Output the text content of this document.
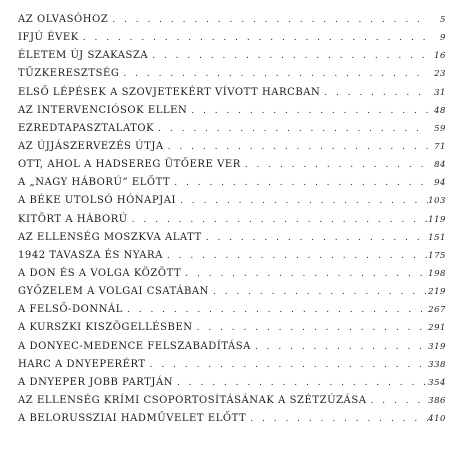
AZ OLVASÓHOZ . . .	5
IFJÚ ÉVEK . . .	9
ÉLETEM ÚJ SZAKASZA . . .	16
TŰZKERESZTSÉG . . .	23
ELSŐ LÉPÉSEK A SZOVJETEKÉRT VÍVOTT HARCBAN . . .	31
AZ INTERVENCIÓSOK ELLEN . . .	48
EZREDTAPASZTALATOK . . .	59
AZ ÚJJÁSZERVEZÉS ÚTJA . . .	71
OTT, AHOL A HADSEREG ÜTŐERE VER . . .	84
A „NAGY HÁBORÚ” ELŐTT . . .	94
A BÉKE UTOLSÓ HÓNAPJAI . . .	103
KITÖRT A HÁBORÚ . . .	119
AZ ELLENSÉG MOSZKVA ALATT . . .	151
1942 TAVASZA ÉS NYARA . . .	175
A DON ÉS A VOLGA KÖZÖTT . . .	198
GYŐZELEM A VOLGAI CSATÁBAN . . .	219
A FELSŐ-DONNÁL . . .	267
A KURSZKI KISZÖGELLÉSBEN . . .	291
A DONYEC-MEDENCE FELSZABADÍTÁSA . . .	319
HARC A DNYEPERÉRT . . .	338
A DNYEPER JOBB PARTJÁN . . .	354
AZ ELLENSÉG KRÍMI CSOPORTOSÍTÁSÁNAK A SZÉTZÚZÁSA . . .	386
A BELORUSSZIAI HADMŰVELET ELŐTT . . .	410
